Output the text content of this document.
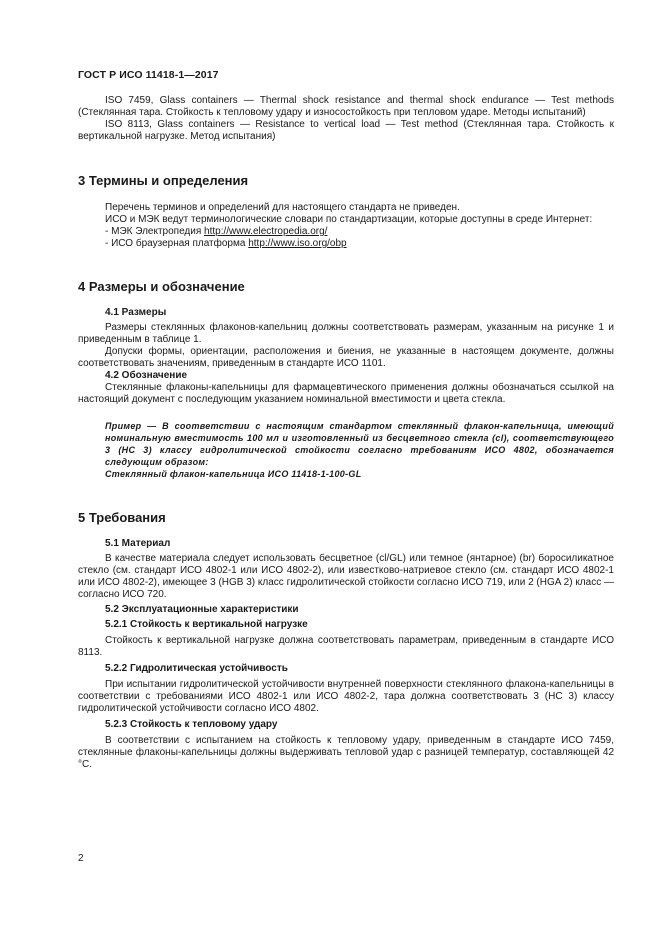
ГОСТ Р ИСО 11418-1—2017

ISO 7459, Glass containers — Thermal shock resistance and thermal shock endurance — Test methods (Стеклянная тара. Стойкость к тепловому удару и износостойкость при тепловом ударе. Методы испытаний)

ISO 8113, Glass containers — Resistance to vertical load — Test method (Стеклянная тара. Стойкость к вертикальной нагрузке. Метод испытания)

3 Термины и определения

Перечень терминов и определений для настоящего стандарта не приведен.

ИСО и МЭК ведут терминологические словари по стандартизации, которые доступны в среде Интернет:

- МЭК Электропедия http://www.electropedia.org/

- ИСО браузерная платформа http://www.iso.org/obp

4 Размеры и обозначение

4.1 Размеры

Размеры стеклянных флаконов-капельниц должны соответствовать размерам, указанным на рисунке 1 и приведенным в таблице 1.

Допуски формы, ориентации, расположения и биения, не указанные в настоящем документе, должны соответствовать значениям, приведенным в стандарте ИСО 1101.

4.2 Обозначение

Стеклянные флаконы-капельницы для фармацевтического применения должны обозначаться ссылкой на настоящий документ с последующим указанием номинальной вместимости и цвета стекла.

Пример — В соответствии с настоящим стандартом стеклянный флакон-капельница, имеющий номинальную вместимость 100 мл и изготовленный из бесцветного стекла (cl), соответствующего 3 (НС 3) классу гидролитической стойкости согласно требованиям ИСО 4802, обозначается следующим образом:

Стеклянный флакон-капельница ИСО 11418-1-100-GL

5 Требования

5.1 Материал

В качестве материала следует использовать бесцветное (cl/GL) или темное (янтарное) (br) боросиликатное стекло (см. стандарт ИСО 4802-1 или ИСО 4802-2), или известково-натриевое стекло (см. стандарт ИСО 4802-1 или ИСО 4802-2), имеющее 3 (HGB 3) класс гидролитической стойкости согласно ИСО 719, или 2 (HGA 2) класс — согласно ИСО 720.

5.2 Эксплуатационные характеристики

5.2.1 Стойкость к вертикальной нагрузке

Стойкость к вертикальной нагрузке должна соответствовать параметрам, приведенным в стандарте ИСО 8113.

5.2.2 Гидролитическая устойчивость

При испытании гидролитической устойчивости внутренней поверхности стеклянного флакона-капельницы в соответствии с требованиями ИСО 4802-1 или ИСО 4802-2, тара должна соответствовать 3 (НС 3) классу гидролитической устойчивости согласно ИСО 4802.

5.2.3 Стойкость к тепловому удару

В соответствии с испытанием на стойкость к тепловому удару, приведенным в стандарте ИСО 7459, стеклянные флаконы-капельницы должны выдерживать тепловой удар с разницей температур, составляющей 42 °С.

2
